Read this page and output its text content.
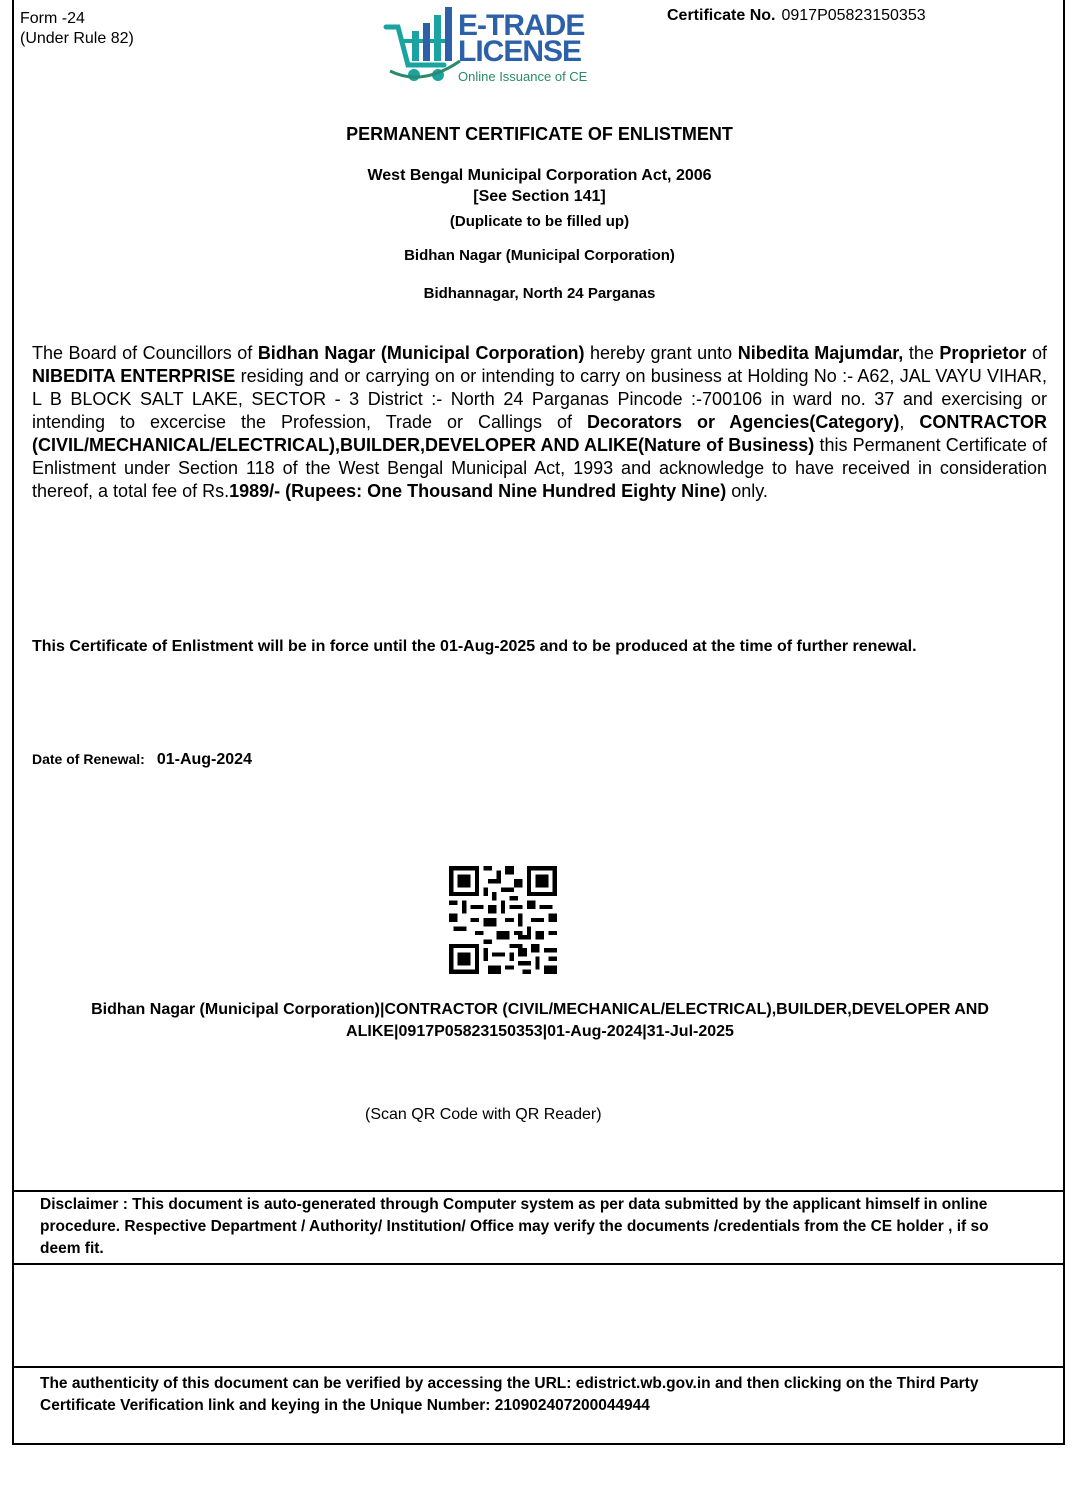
Form -24
(Under Rule 82)	E-TRADE
LICENSE
Online Issuance of CE
Certificate No. 0917P05823150353
PERMANENT CERTIFICATE OF ENLISTMENT
West Bengal Municipal Corporation Act, 2006
[See Section 141]
(Duplicate to be filled up)
Bidhan Nagar (Municipal Corporation)
Bidhannagar, North 24 Parganas
The Board of Councillors of Bidhan Nagar (Municipal Corporation) hereby grant unto Nibedita Majumdar, the Proprietor of NIBEDITA ENTERPRISE residing and or carrying on or intending to carry on business at Holding No :- A62, JAL VAYU VIHAR, L B BLOCK SALT LAKE, SECTOR - 3 District :- North 24 Parganas Pincode :-700106 in ward no. 37 and exercising or intending to excercise the Profession, Trade or Callings of Decorators or Agencies(Category), CONTRACTOR (CIVIL/MECHANICAL/ELECTRICAL),BUILDER,DEVELOPER AND ALIKE(Nature of Business) this Permanent Certificate of Enlistment under Section 118 of the West Bengal Municipal Act, 1993 and acknowledge to have received in consideration thereof, a total fee of Rs.1989/- (Rupees: One Thousand Nine Hundred Eighty Nine) only.
This Certificate of Enlistment will be in force until the 01-Aug-2025 and to be produced at the time of further renewal.
Date of Renewal: 01-Aug-2024
Bidhan Nagar (Municipal Corporation)|CONTRACTOR (CIVIL/MECHANICAL/ELECTRICAL),BUILDER,DEVELOPER AND ALIKE|0917P05823150353|01-Aug-2024|31-Jul-2025
(Scan QR Code with QR Reader)

Disclaimer : This document is auto-generated through Computer system as per data submitted by the applicant himself in online procedure. Respective Department / Authority/ Institution/ Office may verify the documents /credentials from the CE holder , if so deem fit.

The authenticity of this document can be verified by accessing the URL: edistrict.wb.gov.in and then clicking on the Third Party Certificate Verification link and keying in the Unique Number: 210902407200044944
